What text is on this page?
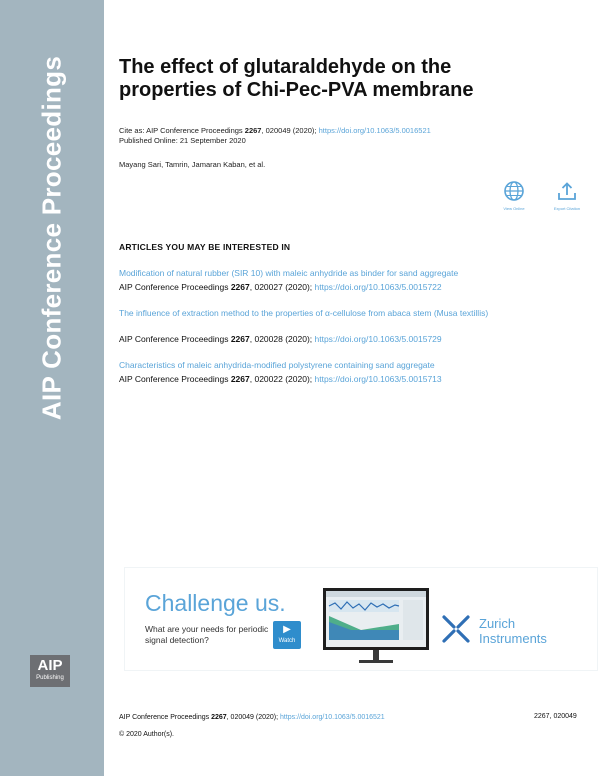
AIP Conference Proceedings
AIP
Publishing
The effect of glutaraldehyde on the properties of Chi-Pec-PVA membrane
Cite as: AIP Conference Proceedings 2267, 020049 (2020); https://doi.org/10.1063/5.0016521
Published Online: 21 September 2020
Mayang Sari, Tamrin, Jamaran Kaban, et al.
View Online	Export Citation
ARTICLES YOU MAY BE INTERESTED IN
Modification of natural rubber (SIR 10) with maleic anhydride as binder for sand aggregate
AIP Conference Proceedings 2267, 020027 (2020); https://doi.org/10.1063/5.0015722
The influence of extraction method to the properties of α-cellulose from abaca stem (Musa textillis)
AIP Conference Proceedings 2267, 020028 (2020); https://doi.org/10.1063/5.0015729
Characteristics of maleic anhydrida-modified polystyrene containing sand aggregate
AIP Conference Proceedings 2267, 020022 (2020); https://doi.org/10.1063/5.0015713
Challenge us.
What are your needs for periodic signal detection?
▶
Watch
Zurich
Instruments
AIP Conference Proceedings 2267, 020049 (2020); https://doi.org/10.1063/5.0016521	2267, 020049
© 2020 Author(s).
